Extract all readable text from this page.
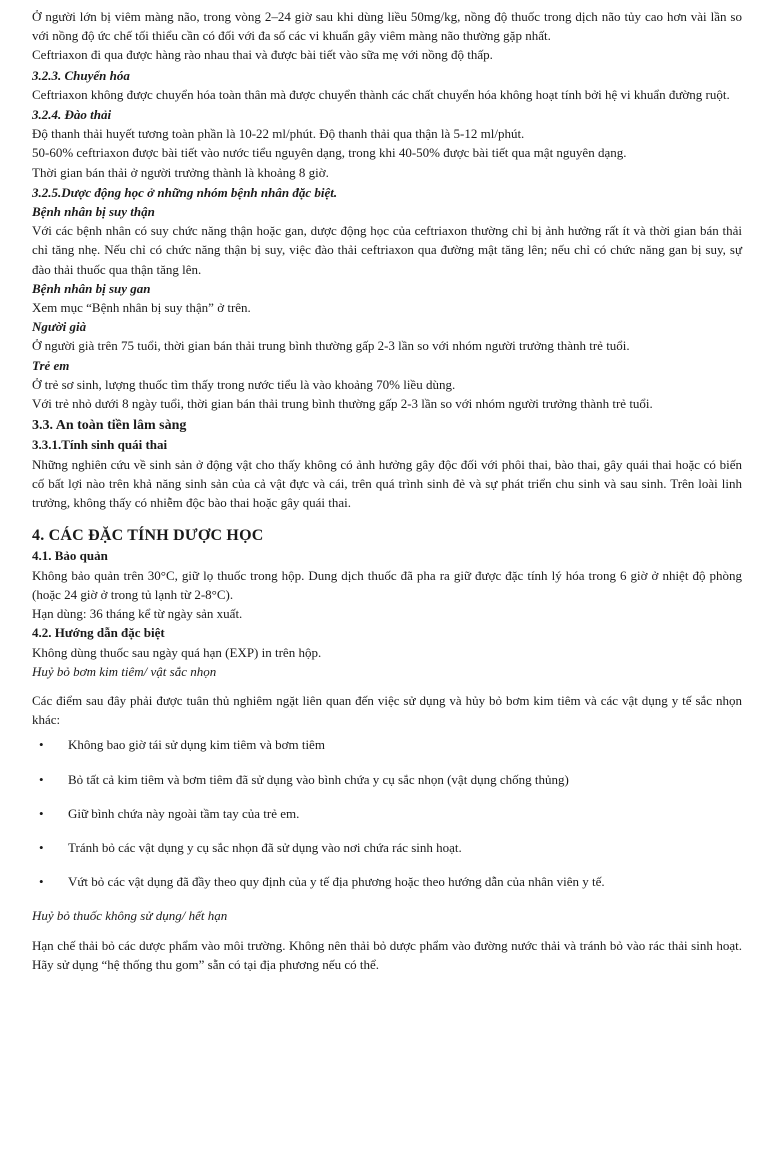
Ở người lớn bị viêm màng não, trong vòng 2–24 giờ sau khi dùng liều 50mg/kg, nồng độ thuốc trong dịch não tủy cao hơn vài lần so với nồng độ ức chế tối thiểu cần có đối với đa số các vi khuẩn gây viêm màng não thường gặp nhất.

Ceftriaxon đi qua được hàng rào nhau thai và được bài tiết vào sữa mẹ với nồng độ thấp.

3.2.3. Chuyển hóa

Ceftriaxon không được chuyển hóa toàn thân mà được chuyển thành các chất chuyển hóa không hoạt tính bởi hệ vi khuẩn đường ruột.

3.2.4. Đào thải

Độ thanh thải huyết tương toàn phần là 10-22 ml/phút. Độ thanh thải qua thận là 5-12 ml/phút.

50-60% ceftriaxon được bài tiết vào nước tiểu nguyên dạng, trong khi 40-50% được bài tiết qua mật nguyên dạng.

Thời gian bán thải ở người trưởng thành là khoảng 8 giờ.

3.2.5.Dược động học ở những nhóm bệnh nhân đặc biệt.

Bệnh nhân bị suy thận

Với các bệnh nhân có suy chức năng thận hoặc gan, dược động học của ceftriaxon thường chỉ bị ảnh hưởng rất ít và thời gian bán thải chỉ tăng nhẹ. Nếu chỉ có chức năng thận bị suy, việc đào thải ceftriaxon qua đường mật tăng lên; nếu chỉ có chức năng gan bị suy, sự đào thải thuốc qua thận tăng lên.

Bệnh nhân bị suy gan

Xem mục “Bệnh nhân bị suy thận” ở trên.

Người già

Ở người già trên 75 tuổi, thời gian bán thải trung bình thường gấp 2-3 lần so với nhóm người trưởng thành trẻ tuổi.

Trẻ em

Ở trẻ sơ sinh, lượng thuốc tìm thấy trong nước tiểu là vào khoảng 70% liều dùng.

Với trẻ nhỏ dưới 8 ngày tuổi, thời gian bán thải trung bình thường gấp 2-3 lần so với nhóm người trưởng thành trẻ tuổi.

3.3. An toàn tiền lâm sàng

3.3.1.Tính sinh quái thai

Những nghiên cứu về sinh sản ở động vật cho thấy không có ảnh hưởng gây độc đối với phôi thai, bào thai, gây quái thai hoặc có biến cố bất lợi nào trên khả năng sinh sản của cả vật đực và cái, trên quá trình sinh đẻ và sự phát triển chu sinh và sau sinh. Trên loài linh trưởng, không thấy có nhiễm độc bào thai hoặc gây quái thai.

4. CÁC ĐẶC TÍNH DƯỢC HỌC

4.1. Bảo quản

Không bảo quản trên 30°C, giữ lọ thuốc trong hộp. Dung dịch thuốc đã pha ra giữ được đặc tính lý hóa trong 6 giờ ở nhiệt độ phòng (hoặc 24 giờ ở trong tủ lạnh từ 2-8°C).

Hạn dùng: 36 tháng kể từ ngày sản xuất.

4.2. Hướng dẫn đặc biệt

Không dùng thuốc sau ngày quá hạn (EXP) in trên hộp.

Huỷ bỏ bơm kim tiêm/ vật sắc nhọn

Các điểm sau đây phải được tuân thủ nghiêm ngặt liên quan đến việc sử dụng và hủy bỏ bơm kim tiêm và các vật dụng y tế sắc nhọn khác:

• Không bao giờ tái sử dụng kim tiêm và bơm tiêm
• Bỏ tất cả kim tiêm và bơm tiêm đã sử dụng vào bình chứa y cụ sắc nhọn (vật dụng chống thủng)
• Giữ bình chứa này ngoài tầm tay của trẻ em.
• Tránh bỏ các vật dụng y cụ sắc nhọn đã sử dụng vào nơi chứa rác sinh hoạt.
• Vứt bỏ các vật dụng đã đầy theo quy định của y tế địa phương hoặc theo hướng dẫn của nhân viên y tế.

Huỷ bỏ thuốc không sử dụng/ hết hạn

Hạn chế thải bỏ các dược phẩm vào môi trường. Không nên thải bỏ dược phẩm vào đường nước thải và tránh bỏ vào rác thải sinh hoạt. Hãy sử dụng “hệ thống thu gom” sẵn có tại địa phương nếu có thể.
